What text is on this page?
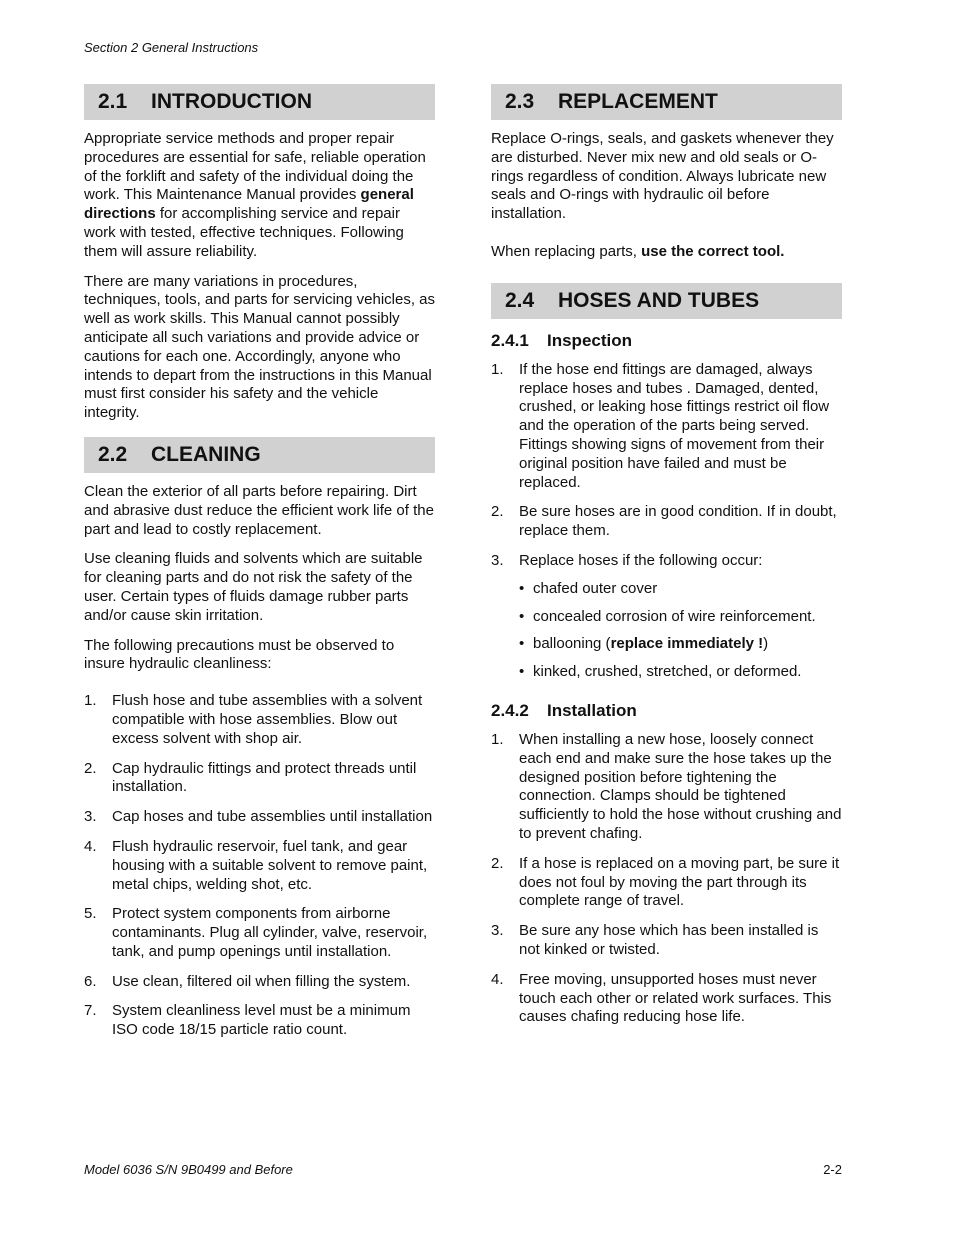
Section 2 General Instructions
2.1 INTRODUCTION

Appropriate service methods and proper repair procedures are essential for safe, reliable operation of the forklift and safety of the individual doing the work. This Maintenance Manual provides general directions for accomplishing service and repair work with tested, effective techniques. Following them will assure reliability.

There are many variations in procedures, techniques, tools, and parts for servicing vehicles, as well as work skills. This Manual cannot possibly anticipate all such variations and provide advice or cautions for each one. Accordingly, anyone who intends to depart from the instructions in this Manual must first consider his safety and the vehicle integrity.

2.2 CLEANING

Clean the exterior of all parts before repairing. Dirt and abrasive dust reduce the efficient work life of the part and lead to costly replacement.

Use cleaning fluids and solvents which are suitable for cleaning parts and do not risk the safety of the user. Certain types of fluids damage rubber parts and/or cause skin irritation.

The following precautions must be observed to insure hydraulic cleanliness:

1. Flush hose and tube assemblies with a solvent compatible with hose assemblies. Blow out excess solvent with shop air.
2. Cap hydraulic fittings and protect threads until installation.
3. Cap hoses and tube assemblies until installation
4. Flush hydraulic reservoir, fuel tank, and gear housing with a suitable solvent to remove paint, metal chips, welding shot, etc.
5. Protect system components from airborne contaminants. Plug all cylinder, valve, reservoir, tank, and pump openings until installation.
6. Use clean, filtered oil when filling the system.
7. System cleanliness level must be a minimum ISO code 18/15 particle ratio count.
2.3 REPLACEMENT

Replace O-rings, seals, and gaskets whenever they are disturbed. Never mix new and old seals or O-rings regardless of condition. Always lubricate new seals and O-rings with hydraulic oil before installation.

When replacing parts, use the correct tool.

2.4 HOSES AND TUBES
2.4.1 Inspection
1. If the hose end fittings are damaged, always replace hoses and tubes . Damaged, dented, crushed, or leaking hose fittings restrict oil flow and the operation of the parts being served. Fittings showing signs of movement from their original position have failed and must be replaced.
2. Be sure hoses are in good condition. If in doubt, replace them.
3. Replace hoses if the following occur:
• chafed outer cover
• concealed corrosion of wire reinforcement.
• ballooning (replace immediately !)
• kinked, crushed, stretched, or deformed.
2.4.2 Installation
1. When installing a new hose, loosely connect each end and make sure the hose takes up the designed position before tightening the connection. Clamps should be tightened sufficiently to hold the hose without crushing and to prevent chafing.
2. If a hose is replaced on a moving part, be sure it does not foul by moving the part through its complete range of travel.
3. Be sure any hose which has been installed is not kinked or twisted.
4. Free moving, unsupported hoses must never touch each other or related work surfaces. This causes chafing reducing hose life.
Model 6036 S/N 9B0499 and Before	2-2
